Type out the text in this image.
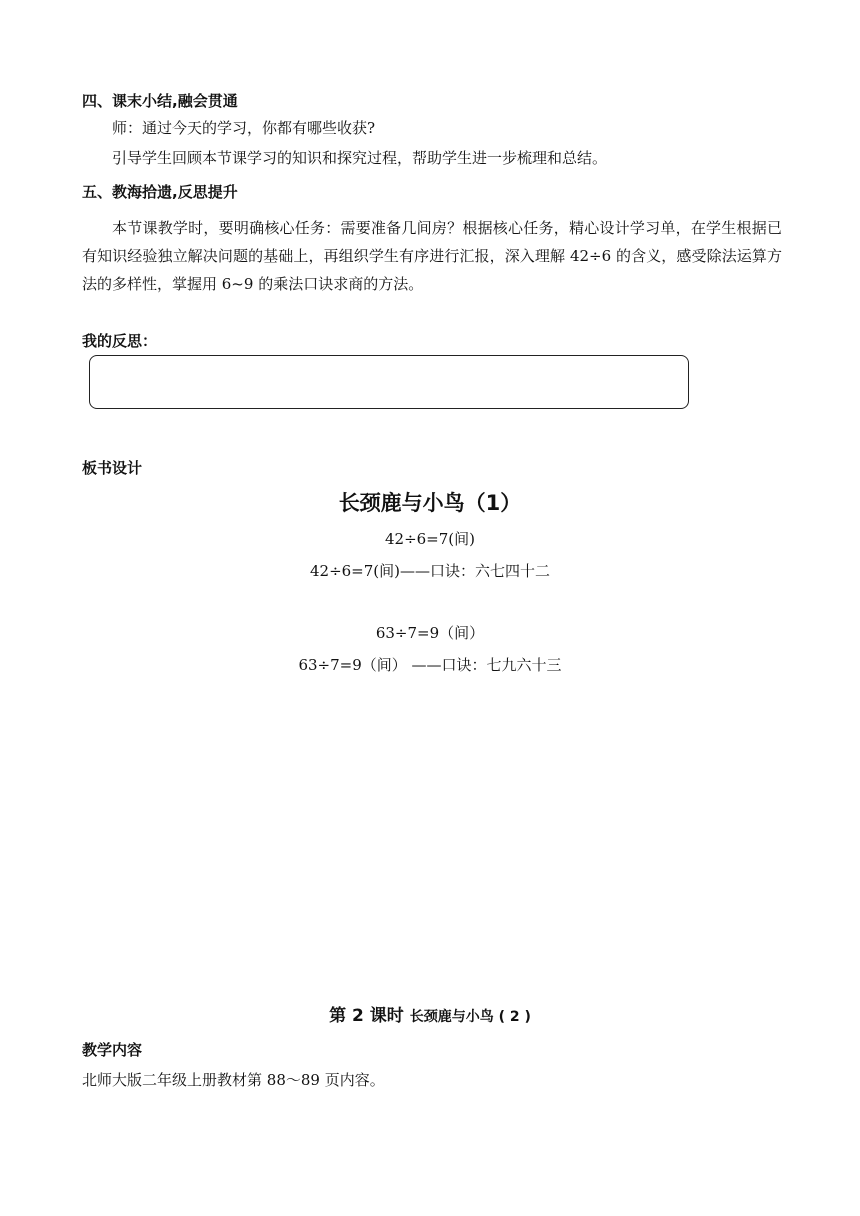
四、课末小结,融会贯通
师：通过今天的学习，你都有哪些收获?
引导学生回顾本节课学习的知识和探究过程，帮助学生进一步梳理和总结。
五、教海拾遗,反思提升
本节课教学时，要明确核心任务：需要准备几间房？根据核心任务，精心设计学习单，在学生根据已有知识经验独立解决问题的基础上，再组织学生有序进行汇报，深入理解 42÷6 的含义，感受除法运算方法的多样性，掌握用 6~9 的乘法口诀求商的方法。
我的反思：
板书设计
长颈鹿与小鸟（1）
42÷6=7(间)
42÷6=7(间)——口诀：六七四十二
63÷7=9（间）
63÷7=9（间） ——口诀：七九六十三
第 2 课时 长颈鹿与小鸟 ( 2 )
教学内容
北师大版二年级上册教材第 88～89 页内容。
